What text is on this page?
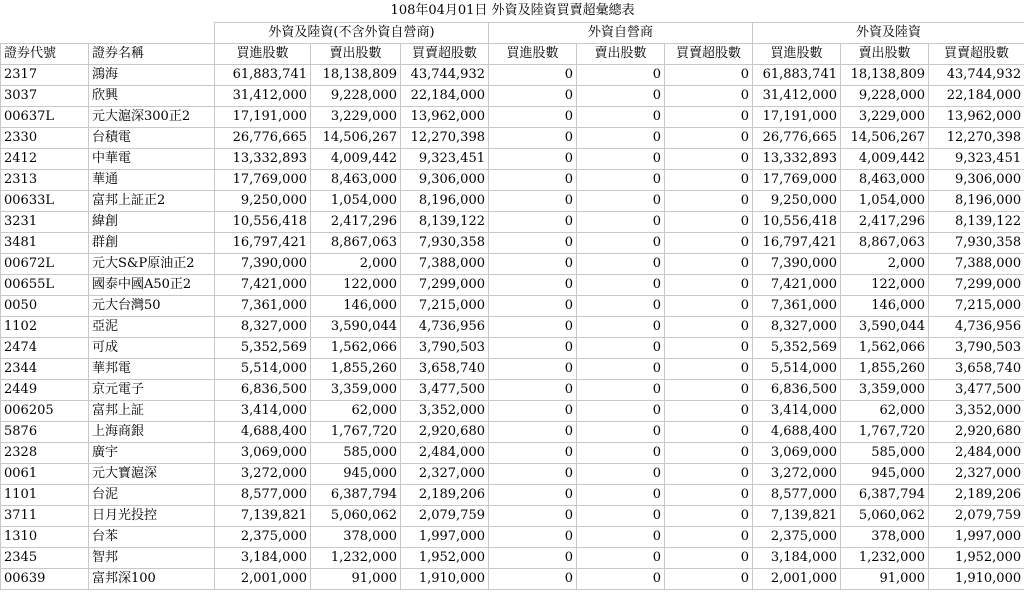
108年04月01日 外資及陸資買賣超彙總表										
		外資及陸資(不含外資自營商)			外資自營商			外資及陸資		
證券代號	證券名稱	買進股數	賣出股數	買賣超股數	買進股數	賣出股數	買賣超股數	買進股數	賣出股數	買賣超股數
2317	鴻海	61,883,741	18,138,809	43,744,932	0	0	0	61,883,741	18,138,809	43,744,932
3037	欣興	31,412,000	9,228,000	22,184,000	0	0	0	31,412,000	9,228,000	22,184,000
00637L	元大滬深300正2	17,191,000	3,229,000	13,962,000	0	0	0	17,191,000	3,229,000	13,962,000
2330	台積電	26,776,665	14,506,267	12,270,398	0	0	0	26,776,665	14,506,267	12,270,398
2412	中華電	13,332,893	4,009,442	9,323,451	0	0	0	13,332,893	4,009,442	9,323,451
2313	華通	17,769,000	8,463,000	9,306,000	0	0	0	17,769,000	8,463,000	9,306,000
00633L	富邦上証正2	9,250,000	1,054,000	8,196,000	0	0	0	9,250,000	1,054,000	8,196,000
3231	緯創	10,556,418	2,417,296	8,139,122	0	0	0	10,556,418	2,417,296	8,139,122
3481	群創	16,797,421	8,867,063	7,930,358	0	0	0	16,797,421	8,867,063	7,930,358
00672L	元大S&P原油正2	7,390,000	2,000	7,388,000	0	0	0	7,390,000	2,000	7,388,000
00655L	國泰中國A50正2	7,421,000	122,000	7,299,000	0	0	0	7,421,000	122,000	7,299,000
0050	元大台灣50	7,361,000	146,000	7,215,000	0	0	0	7,361,000	146,000	7,215,000
1102	亞泥	8,327,000	3,590,044	4,736,956	0	0	0	8,327,000	3,590,044	4,736,956
2474	可成	5,352,569	1,562,066	3,790,503	0	0	0	5,352,569	1,562,066	3,790,503
2344	華邦電	5,514,000	1,855,260	3,658,740	0	0	0	5,514,000	1,855,260	3,658,740
2449	京元電子	6,836,500	3,359,000	3,477,500	0	0	0	6,836,500	3,359,000	3,477,500
006205	富邦上証	3,414,000	62,000	3,352,000	0	0	0	3,414,000	62,000	3,352,000
5876	上海商銀	4,688,400	1,767,720	2,920,680	0	0	0	4,688,400	1,767,720	2,920,680
2328	廣宇	3,069,000	585,000	2,484,000	0	0	0	3,069,000	585,000	2,484,000
0061	元大寶滬深	3,272,000	945,000	2,327,000	0	0	0	3,272,000	945,000	2,327,000
1101	台泥	8,577,000	6,387,794	2,189,206	0	0	0	8,577,000	6,387,794	2,189,206
3711	日月光投控	7,139,821	5,060,062	2,079,759	0	0	0	7,139,821	5,060,062	2,079,759
1310	台苯	2,375,000	378,000	1,997,000	0	0	0	2,375,000	378,000	1,997,000
2345	智邦	3,184,000	1,232,000	1,952,000	0	0	0	3,184,000	1,232,000	1,952,000
00639	富邦深100	2,001,000	91,000	1,910,000	0	0	0	2,001,000	91,000	1,910,000
